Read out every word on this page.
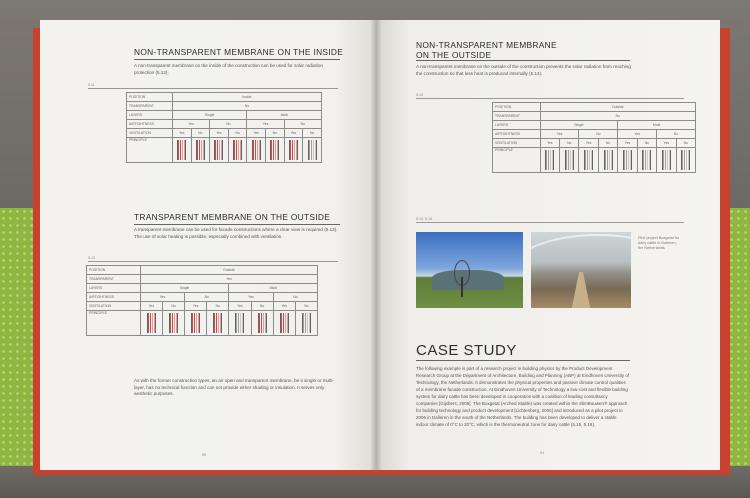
NON-TRANSPARENT MEMBRANE ON THE INSIDE
A non-transparent membrane on the inside of the construction can be used for solar radiation protection (5.12).
5.11
POSITION	Inside							
TRANSPARENT	No							
LAYERS	Single				Multi			
AIRTIGHTNESS	Yes		No		Yes		No	
VENTILATION	Yes	No	Yes	No	Yes	No	Yes	No
PRINCIPLE	

TRANSPARENT MEMBRANE ON THE OUTSIDE
A transparent membrane can be used for facade constructions where a clear view is required (5.13). The use of solar heating is possible, especially combined with ventilation.
5.13
POSITION	Outside							
TRANSPARENT	Yes							
LAYERS	Single				Multi			
AIRTIGHTNESS	Yes		No		Yes		No	
VENTILATION	Yes	No	Yes	No	Yes	No	Yes	No
PRINCIPLE	

As with the former construction types, an air open and transparent membrane, be it single or multi-layer, has no technical function and can not provide either shading or insulation. It serves only aesthetic purposes.
90
NON-TRANSPARENT MEMBRANE
ON THE OUTSIDE
A non-transparent membrane on the outside of the construction prevents the solar radiation from reaching the construction so that less heat is produced internally (5.14).
5.14
POSITION	Outside							
TRANSPARENT	No							
LAYERS	Single				Multi			
AIRTIGHTNESS	Yes		No		Yes		No	
VENTILATION	Yes	No	Yes	No	Yes	No	Yes	No
PRINCIPLE	

5.15, 5.16
Pilot project Boxgetal for dairy cattle in Dalleren, the Netherlands
CASE STUDY
The following example is part of a research project in building physics by the Product Development Research Group at the Department of Architecture, Building and Planning (ABP) at Eindhoven University of Technology, the Netherlands. It demonstrates the physical properties and passive climate control qualities of a membrane facade construction. At Eindhoven University of Technology a low-cost and flexible building system for dairy cattle has been developed in cooperation with a coalition of leading consultancy companies [Gijsbers, 2009]. The Boxgetal (Arched Stable) was created within the SlimBouwen® approach for building technology and product development [Lichtenberg, 2005] and introduced as a pilot project in 2006 in Dalleren in the south of the Netherlands. The building has been developed to deliver a stable indoor climate of 0°C to 20°C, which is the thermoneutral zone for dairy cattle (5.15, 5.16).
91
